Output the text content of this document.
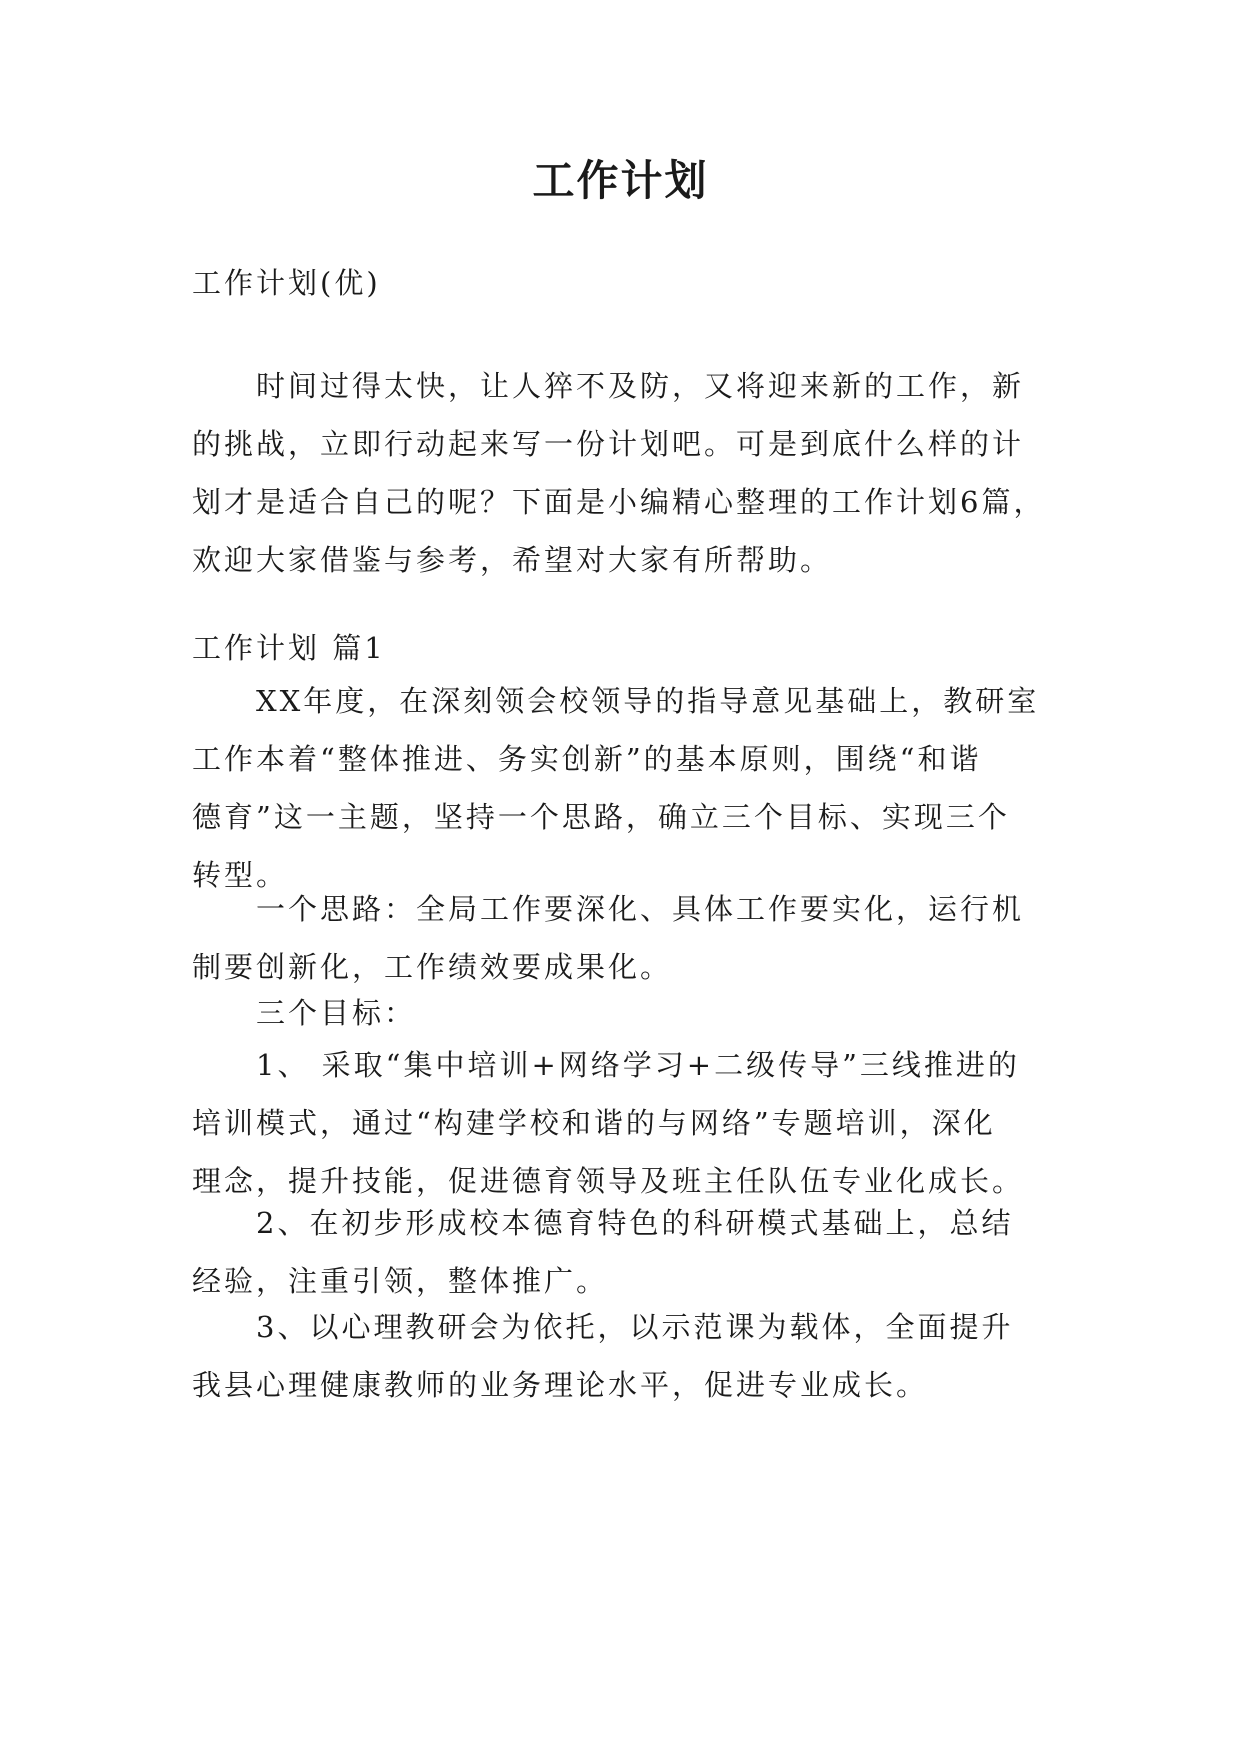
工作计划

工作计划(优)

时间过得太快，让人猝不及防，又将迎来新的工作，新
的挑战，立即行动起来写一份计划吧。可是到底什么样的计
划才是适合自己的呢？下面是小编精心整理的工作计划6篇，
欢迎大家借鉴与参考，希望对大家有所帮助。

工作计划 篇1

XX年度，在深刻领会校领导的指导意见基础上，教研室
工作本着“整体推进、务实创新”的基本原则，围绕“和谐
德育”这一主题，坚持一个思路，确立三个目标、实现三个
转型。

一个思路：全局工作要深化、具体工作要实化，运行机
制要创新化，工作绩效要成果化。

三个目标：

1、 采取“集中培训+网络学习+二级传导”三线推进的
培训模式，通过“构建学校和谐的与网络”专题培训，深化
理念，提升技能，促进德育领导及班主任队伍专业化成长。

2、在初步形成校本德育特色的科研模式基础上，总结
经验，注重引领，整体推广。

3、以心理教研会为依托，以示范课为载体，全面提升
我县心理健康教师的业务理论水平，促进专业成长。
